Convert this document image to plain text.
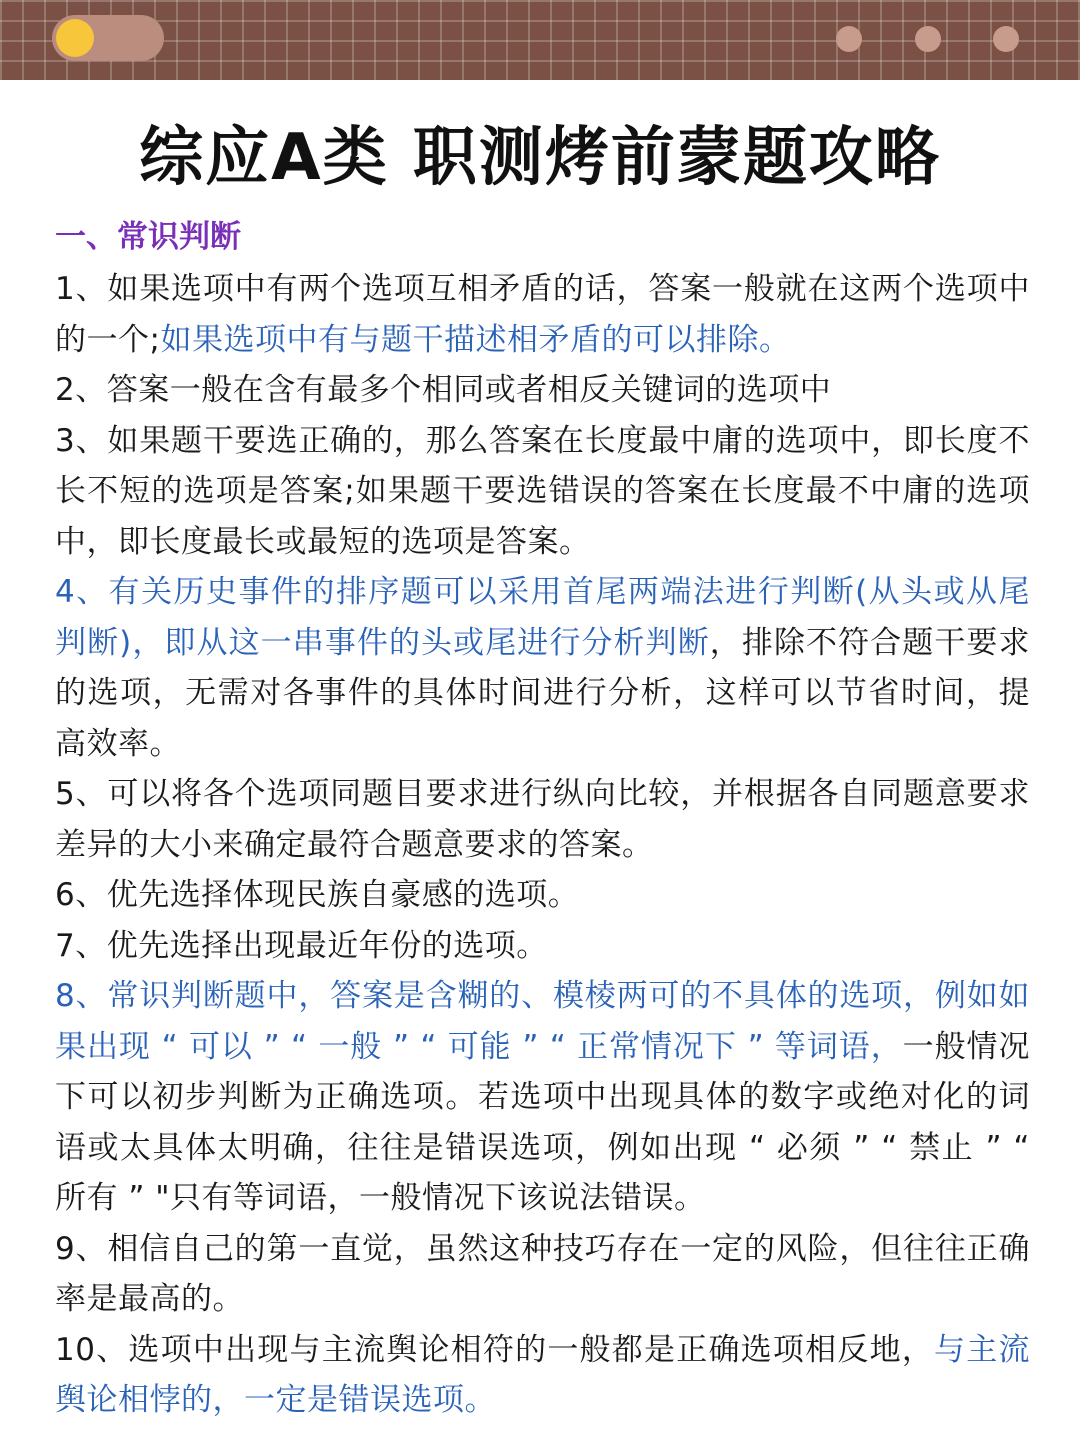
综应A类 职测烤前蒙题攻略
一、常识判断
1、如果选项中有两个选项互相矛盾的话，答案一般就在这两个选项中的一个;如果选项中有与题干描述相矛盾的可以排除。
2、答案一般在含有最多个相同或者相反关键词的选项中
3、如果题干要选正确的，那么答案在长度最中庸的选项中，即长度不长不短的选项是答案;如果题干要选错误的答案在长度最不中庸的选项中，即长度最长或最短的选项是答案。
4、有关历史事件的排序题可以采用首尾两端法进行判断(从头或从尾判断)，即从这一串事件的头或尾进行分析判断，排除不符合题干要求的选项，无需对各事件的具体时间进行分析，这样可以节省时间，提高效率。
5、可以将各个选项同题目要求进行纵向比较，并根据各自同题意要求差异的大小来确定最符合题意要求的答案。
6、优先选择体现民族自豪感的选项。
7、优先选择出现最近年份的选项。
8、常识判断题中，答案是含糊的、模棱两可的不具体的选项，例如如果出现 “ 可以 ” “ 一般 ” “ 可能 ” “ 正常情况下 ” 等词语，一般情况下可以初步判断为正确选项。若选项中出现具体的数字或绝对化的词语或太具体太明确，往往是错误选项，例如出现 “ 必须 ” “ 禁止 ” “ 所有 ” "只有等词语，一般情况下该说法错误。
9、相信自己的第一直觉，虽然这种技巧存在一定的风险，但往往正确率是最高的。
10、选项中出现与主流舆论相符的一般都是正确选项相反地，与主流舆论相悖的，一定是错误选项。
